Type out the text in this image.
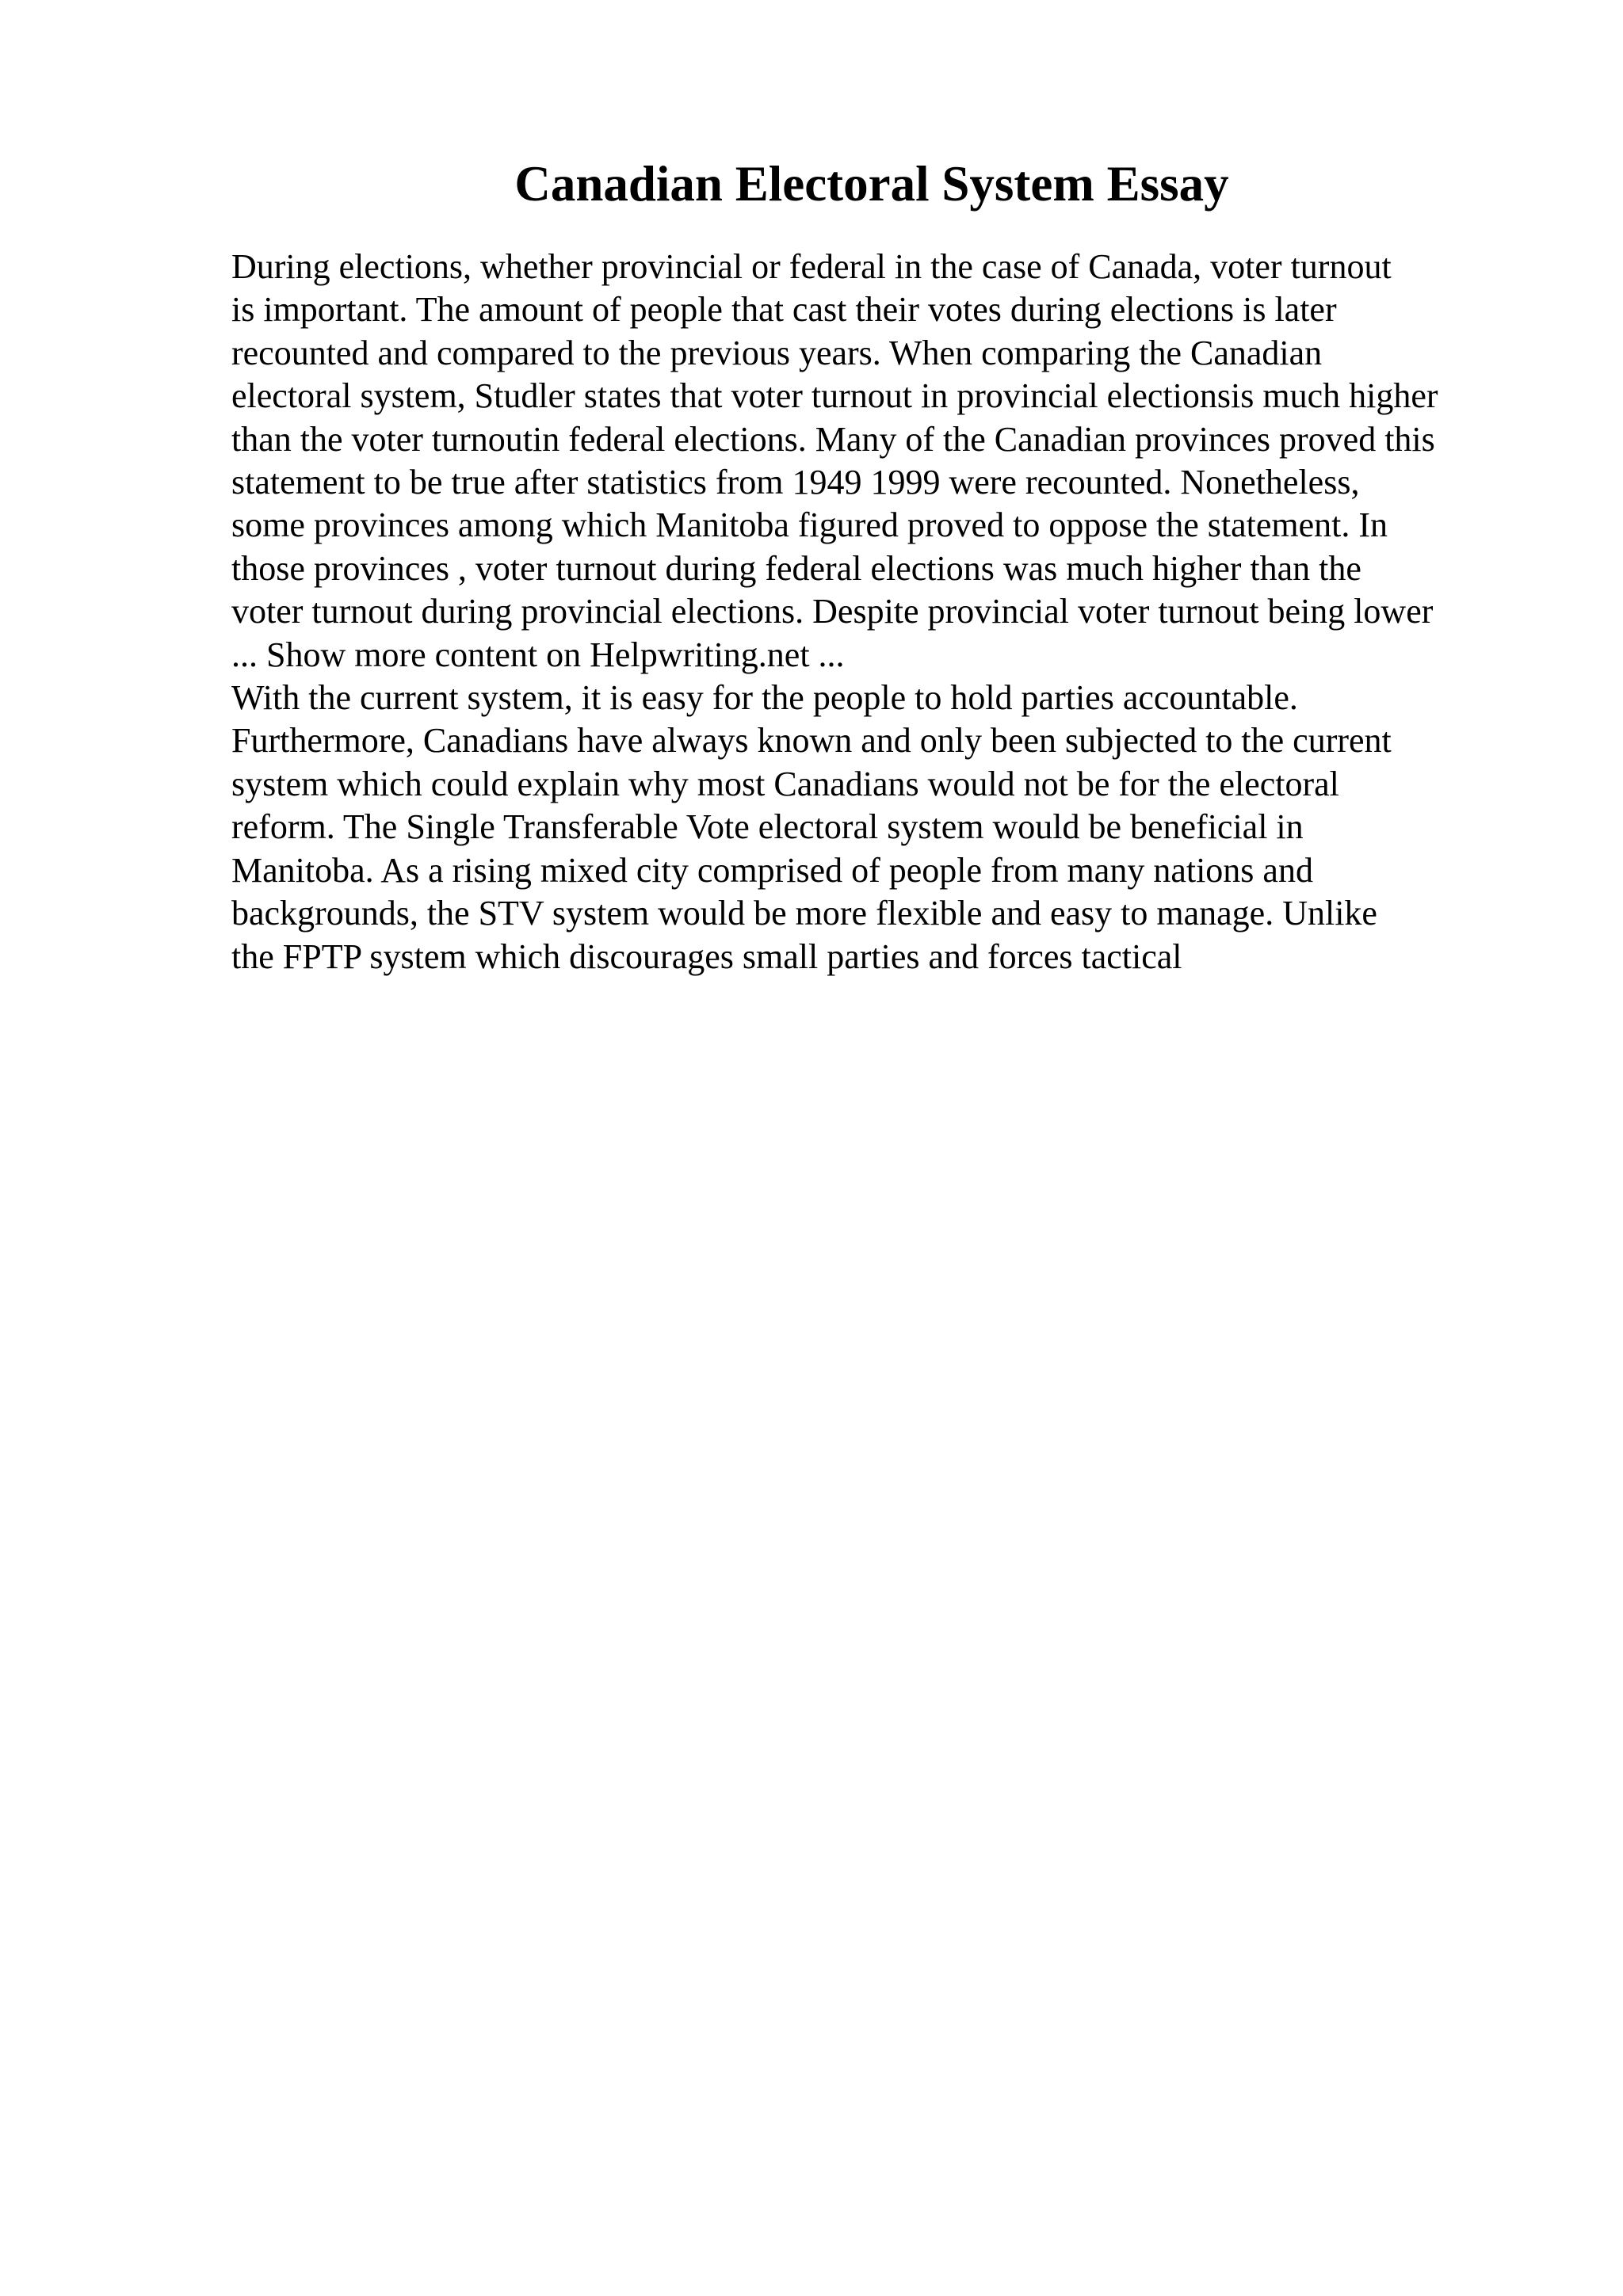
Canadian Electoral System Essay
During elections, whether provincial or federal in the case of Canada, voter turnout
is important. The amount of people that cast their votes during elections is later
recounted and compared to the previous years. When comparing the Canadian
electoral system, Studler states that voter turnout in provincial electionsis much higher
than the voter turnoutin federal elections. Many of the Canadian provinces proved this
statement to be true after statistics from 1949 1999 were recounted. Nonetheless,
some provinces among which Manitoba figured proved to oppose the statement. In
those provinces , voter turnout during federal elections was much higher than the
voter turnout during provincial elections. Despite provincial voter turnout being lower
... Show more content on Helpwriting.net ...
With the current system, it is easy for the people to hold parties accountable.
Furthermore, Canadians have always known and only been subjected to the current
system which could explain why most Canadians would not be for the electoral
reform. The Single Transferable Vote electoral system would be beneficial in
Manitoba. As a rising mixed city comprised of people from many nations and
backgrounds, the STV system would be more flexible and easy to manage. Unlike
the FPTP system which discourages small parties and forces tactical
